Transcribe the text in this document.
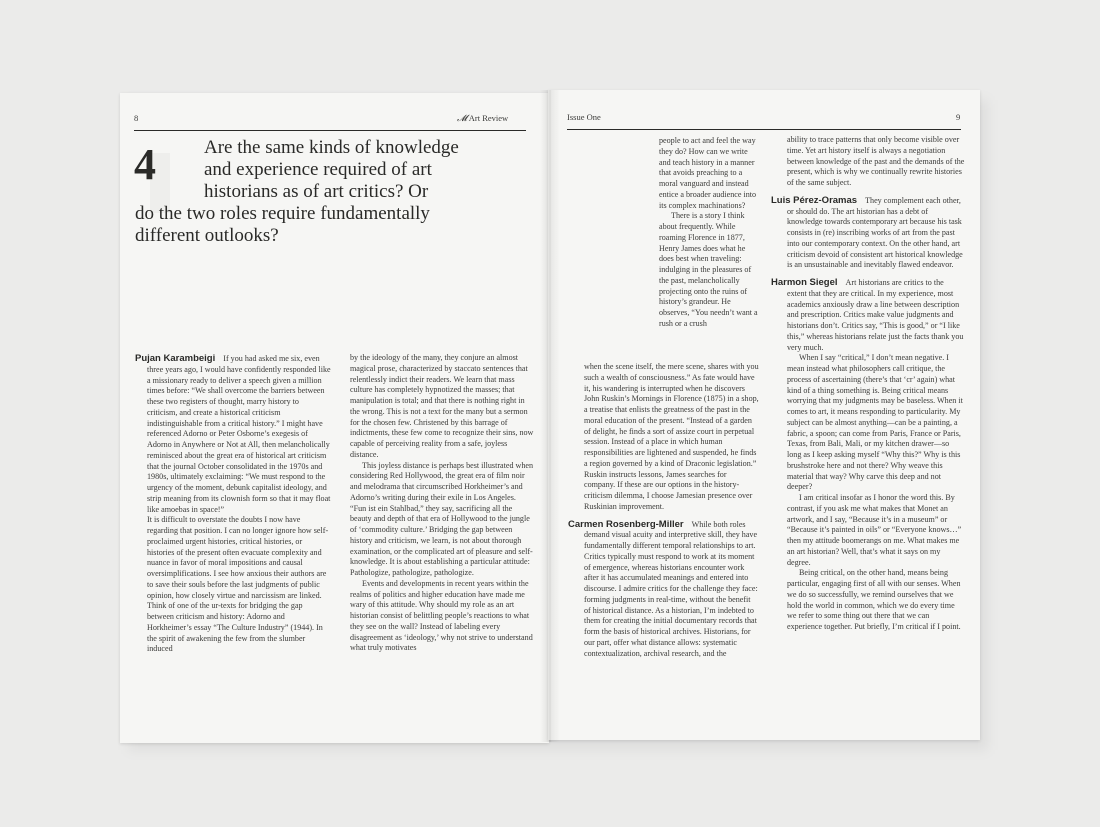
8	𝓜 Art Review
4	Are the same kinds of knowledge
and experience required of art
historians as of art critics? Or
do the two roles require fundamentally
different outlooks?

Pujan Karambeigi If you had asked me six, even three years ago, I would have confidently responded like a missionary ready to deliver a speech given a million times before: “We shall overcome the barriers between these two registers of thought, marry history to criticism, and create a historical criticism indistinguishable from a critical history.” I might have referenced Adorno or Peter Osborne’s exegesis of Adorno in Anywhere or Not at All, then melancholically reminisced about the great era of historical art criticism that the journal October consolidated in the 1970s and 1980s, ultimately exclaiming: “We must respond to the urgency of the moment, debunk capitalist ideology, and strip meaning from its clownish form so that it may float like amoebas in space!”

It is difficult to overstate the doubts I now have regarding that position. I can no longer ignore how self-proclaimed urgent histories, critical histories, or histories of the present often evacuate complexity and nuance in favor of moral impositions and causal oversimplifications. I see how anxious their authors are to save their souls before the last judgments of public opinion, how closely virtue and narcissism are linked.

Think of one of the ur-texts for bridging the gap between criticism and history: Adorno and Horkheimer’s essay “The Culture Industry” (1944). In the spirit of awakening the few from the slumber induced

by the ideology of the many, they conjure an almost magical prose, characterized by staccato sentences that relentlessly indict their readers. We learn that mass culture has completely hypnotized the masses; that manipulation is total; and that there is nothing right in the wrong. This is not a text for the many but a sermon for the chosen few. Christened by this barrage of indictments, these few come to recognize their sins, now capable of perceiving reality from a safe, joyless distance.

This joyless distance is perhaps best illustrated when considering Red Hollywood, the great era of film noir and melodrama that circumscribed Horkheimer’s and Adorno’s writing during their exile in Los Angeles. “Fun ist ein Stahlbad,” they say, sacrificing all the beauty and depth of that era of Hollywood to the jungle of ‘commodity culture.’ Bridging the gap between history and criticism, we learn, is not about thorough examination, or the complicated art of pleasure and self-knowledge. It is about establishing a particular attitude: Pathologize, pathologize, pathologize.

Events and developments in recent years within the realms of politics and higher education have made me wary of this attitude. Why should my role as an art historian consist of belittling people’s reactions to what they see on the wall? Instead of labeling every disagreement as ‘ideology,’ why not strive to understand what truly motivates

Issue One	9

people to act and feel the way they do? How can we write and teach history in a manner that avoids preaching to a moral vanguard and instead entice a broader audience into its complex machinations?

There is a story I think about frequently. While roaming Florence in 1877, Henry James does what he does best when traveling: indulging in the pleasures of the past, melancholically projecting onto the ruins of history’s grandeur. He observes, “You needn’t want a rush or a crush

when the scene itself, the mere scene, shares with you such a wealth of consciousness.” As fate would have it, his wandering is interrupted when he discovers John Ruskin’s Mornings in Florence (1875) in a shop, a treatise that enlists the greatness of the past in the moral education of the present. “Instead of a garden of delight, he finds a sort of assize court in perpetual session. Instead of a place in which human responsibilities are lightened and suspended, he finds a region governed by a kind of Draconic legislation.” Ruskin instructs lessons, James searches for company. If these are our options in the history-criticism dilemma, I choose Jamesian presence over Ruskinian improvement.

Carmen Rosenberg-Miller While both roles demand visual acuity and interpretive skill, they have fundamentally different temporal relationships to art. Critics typically must respond to work at its moment of emergence, whereas historians encounter work after it has accumulated meanings and entered into discourse. I admire critics for the challenge they face: forming judgments in real-time, without the benefit of historical distance. As a historian, I’m indebted to them for creating the initial documentary records that form the basis of historical archives. Historians, for our part, offer what distance allows: systematic contextualization, archival research, and the

ability to trace patterns that only become visible over time. Yet art history itself is always a negotiation between knowledge of the past and the demands of the present, which is why we continually rewrite histories of the same subject.

Luis Pérez-Oramas They complement each other, or should do. The art historian has a debt of knowledge towards contemporary art because his task consists in (re) inscribing works of art from the past into our contemporary context. On the other hand, art criticism devoid of consistent art historical knowledge is an unsustainable and inevitably flawed endeavor.

Harmon Siegel Art historians are critics to the extent that they are critical. In my experience, most academics anxiously draw a line between description and prescription. Critics make value judgments and historians don’t. Critics say, “This is good,” or “I like this,” whereas historians relate just the facts thank you very much.

When I say “critical,” I don’t mean negative. I mean instead what philosophers call critique, the process of ascertaining (there’s that ‘cr’ again) what kind of a thing something is. Being critical means worrying that my judgments may be baseless. When it comes to art, it means responding to particularity. My subject can be almost anything—can be a painting, a fabric, a spoon; can come from Paris, France or Paris, Texas, from Bali, Mali, or my kitchen drawer—so long as I keep asking myself “Why this?” Why is this brushstroke here and not there? Why weave this material that way? Why carve this deep and not deeper?

I am critical insofar as I honor the word this. By contrast, if you ask me what makes that Monet an artwork, and I say, “Because it’s in a museum” or “Because it’s painted in oils” or “Everyone knows…” then my attitude boomerangs on me. What makes me an art historian? Well, that’s what it says on my degree.

Being critical, on the other hand, means being particular, engaging first of all with our senses. When we do so successfully, we remind ourselves that we hold the world in common, which we do every time we refer to some thing out there that we can experience together. Put briefly, I’m critical if I point.
